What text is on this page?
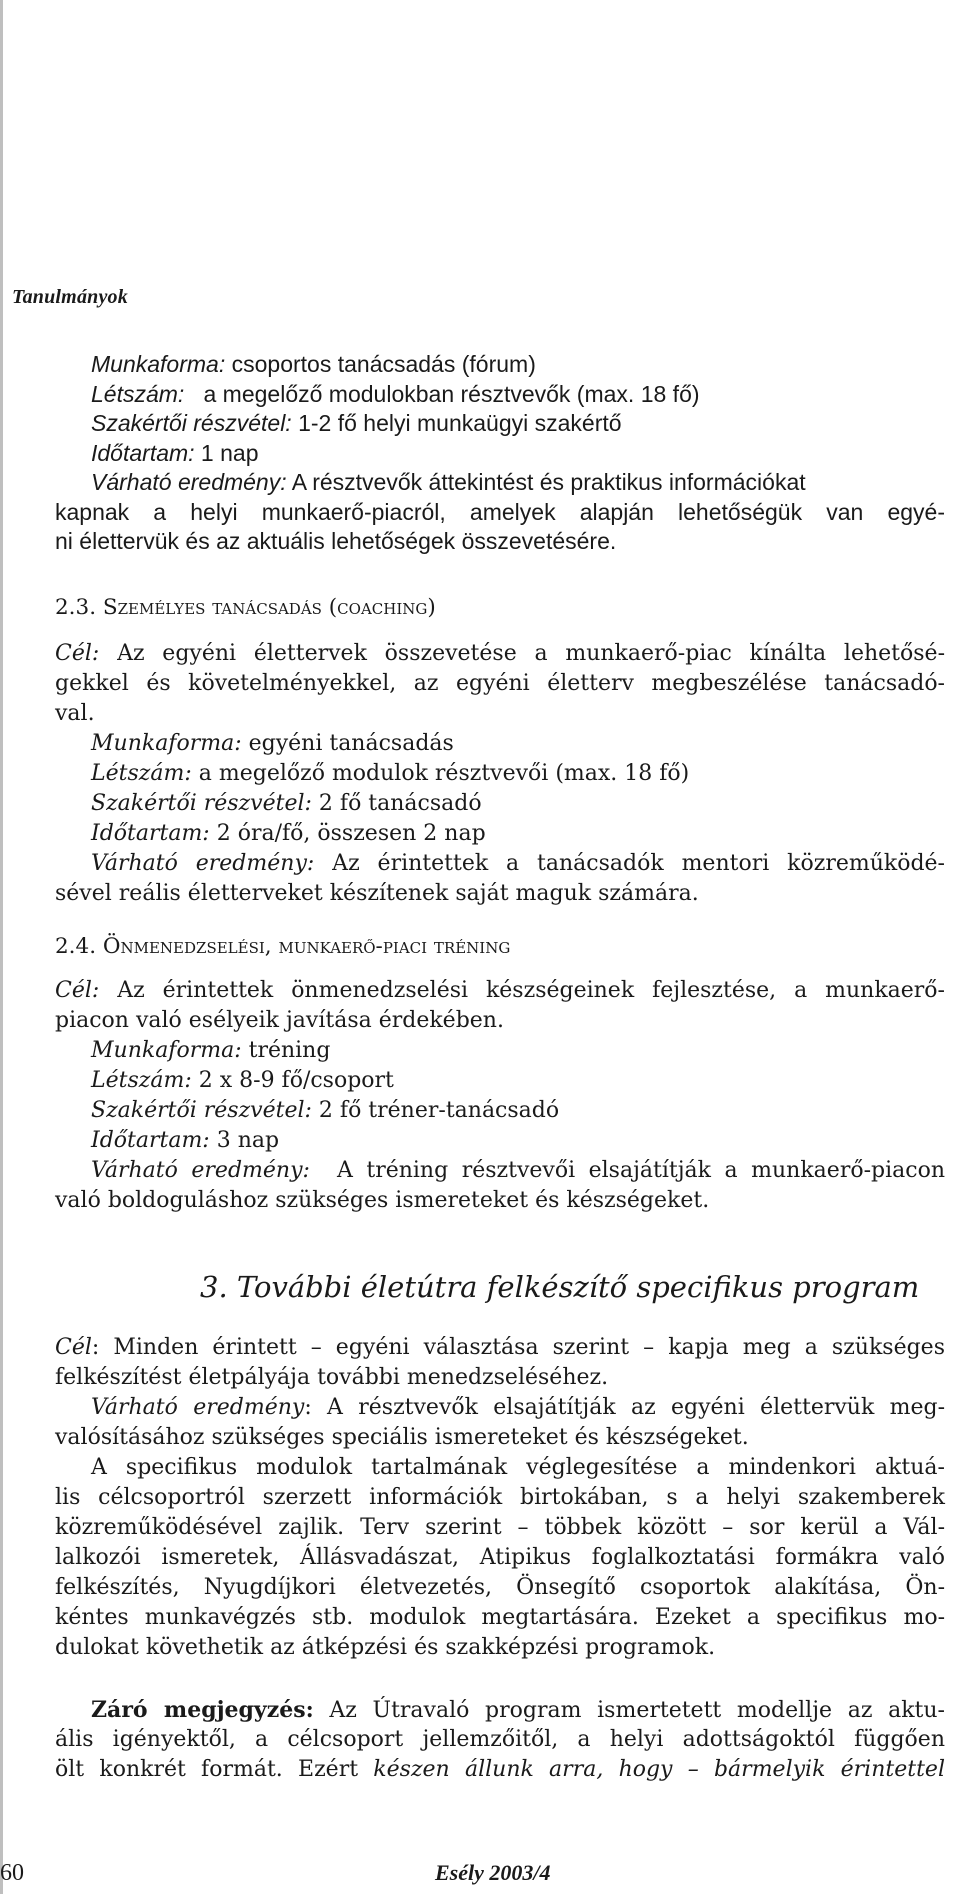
Tanulmányok
Munkaforma: csoportos tanácsadás (fórum)
Létszám:   a megelőző modulokban résztvevők (max. 18 fő)
Szakértői részvétel: 1-2 fő helyi munkaügyi szakértő
Időtartam: 1 nap
Várható eredmény: A résztvevők áttekintést és praktikus információkat
kapnak a helyi munkaerő-piacról, amelyek alapján lehetőségük van egyé-
ni élettervük és az aktuális lehetőségek összevetésére.
2.3. Személyes tanácsadás (coaching)
Cél: Az egyéni élettervek összevetése a munkaerő-piac kínálta lehetősé-
gekkel és követelményekkel, az egyéni életterv megbeszélése tanácsadó-
val.
Munkaforma: egyéni tanácsadás
Létszám: a megelőző modulok résztvevői (max. 18 fő)
Szakértői részvétel: 2 fő tanácsadó
Időtartam: 2 óra/fő, összesen 2 nap
Várható eredmény: Az érintettek a tanácsadók mentori közreműködé-
sével reális életterveket készítenek saját maguk számára.
2.4. Önmenedzselési, munkaerő-piaci tréning
Cél: Az érintettek önmenedzselési készségeinek fejlesztése, a munkaerő-
piacon való esélyeik javítása érdekében.
Munkaforma: tréning
Létszám: 2 x 8-9 fő/csoport
Szakértői részvétel: 2 fő tréner-tanácsadó
Időtartam: 3 nap
Várható eredmény:  A tréning résztvevői elsajátítják a munkaerő-piacon
való boldoguláshoz szükséges ismereteket és készségeket.
3. További életútra felkészítő specifikus program
Cél: Minden érintett – egyéni választása szerint – kapja meg a szükséges
felkészítést életpályája további menedzseléséhez.
Várható eredmény: A résztvevők elsajátítják az egyéni élettervük meg-
valósításához szükséges speciális ismereteket és készségeket.
A specifikus modulok tartalmának véglegesítése a mindenkori aktuá-
lis célcsoportról szerzett információk birtokában, s a helyi szakemberek
közreműködésével zajlik. Terv szerint – többek között – sor kerül a Vál-
lalkozói ismeretek, Állásvadászat, Atipikus foglalkoztatási formákra való
felkészítés, Nyugdíjkori életvezetés, Önsegítő csoportok alakítása, Ön-
kéntes munkavégzés stb. modulok megtartására. Ezeket a specifikus mo-
dulokat követhetik az átképzési és szakképzési programok.
Záró megjegyzés: Az Útravaló program ismertetett modellje az aktu-
ális igényektől, a célcsoport jellemzőitől, a helyi adottságoktól függően
ölt konkrét formát. Ezért készen állunk arra, hogy – bármelyik érintettel
60	Esély 2003/4
